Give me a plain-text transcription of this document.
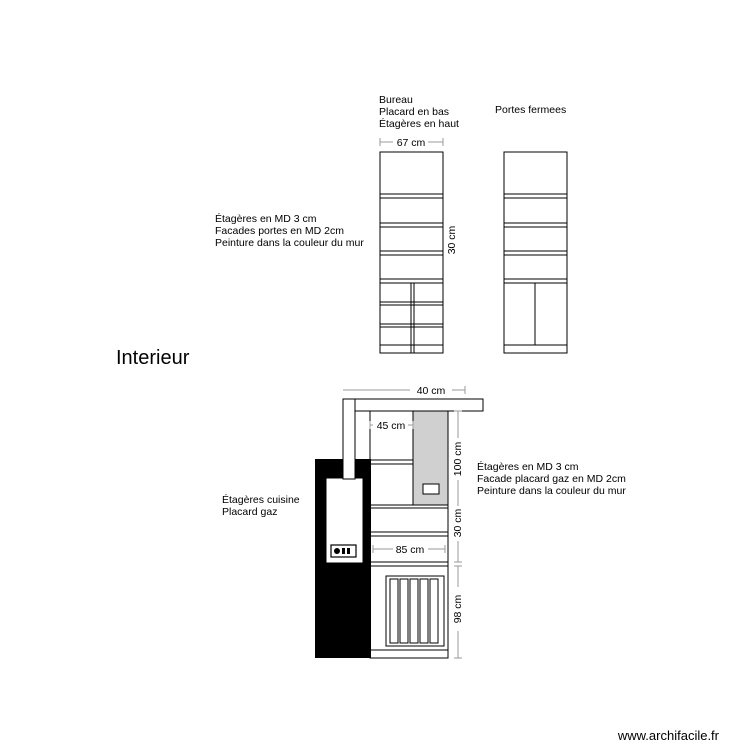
Bureau
Placard en bas
Étagères en haut
Portes fermees
Étagères en MD 3 cm
Facades portes en MD 2cm
Peinture dans la couleur du mur
67 cm
30 cm
Interieur
Étagères cuisine
Placard gaz
Étagères en MD 3 cm
Facade placard gaz en MD 2cm
Peinture dans la couleur du mur
40 cm
45 cm
85 cm
100 cm
30 cm
98 cm
www.archifacile.fr
